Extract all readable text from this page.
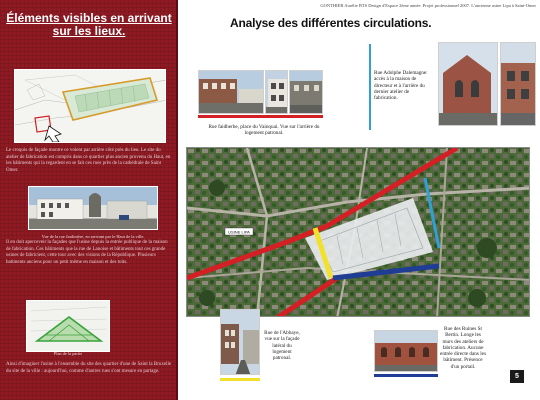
Éléments visibles en arrivant sur les lieux.
Le croquis de façade montre ce voient par arrière côté près du lieu. Le site du atelier de fabrication est compris dans ce quartier plus ancien provenu du Haut, en les bâtiments qui la regardent en se fait ces rues près de la cathédrale de Saint Omer.
Vue de la rue Jardinière, en arrivant par le Haut de la ville.
Il en doit aperceveir la façades que l'usine depuis la entrée publique de la maison de fabrication. Ces bâtiments que la rue de Lanoise et bâtiments tout ces grande usines de fabricient, cette tour avec des visions de la République. Plusieurs batiments anciens pour un petit même en maison et des toits.
Plan de la partie
Ainsi d'imaginer l'usine à l'ensemble du site des quartier d'une de Saint la Bruxelle du site de la ville : aujourd'hui, comme d'autres rues s'ont mesure en partage.
GONTHIER Aurélie BTS Design d'Espace 2ème année. Projet professionnel 2007. L'ancienne usine Lipa à Saint-Omer
Analyse des différentes circulations.
Rue faidherbe, place du Vainquai. Vue sur l'arrière du logement patronal.
Rue Adolphe Dalemagne: accès à la maison de directeur et à l'arrière du dernier atelier de fabrication.
USINE LIPA
Rue de l'Abbaye, vue sur la façade latéral du logement patronal.
Rue des Ruines St Bertin. Longe les murs des ateliers de fabrication. Aucune entrée directe dans les bâtiment. Présence d'un portail.
5
